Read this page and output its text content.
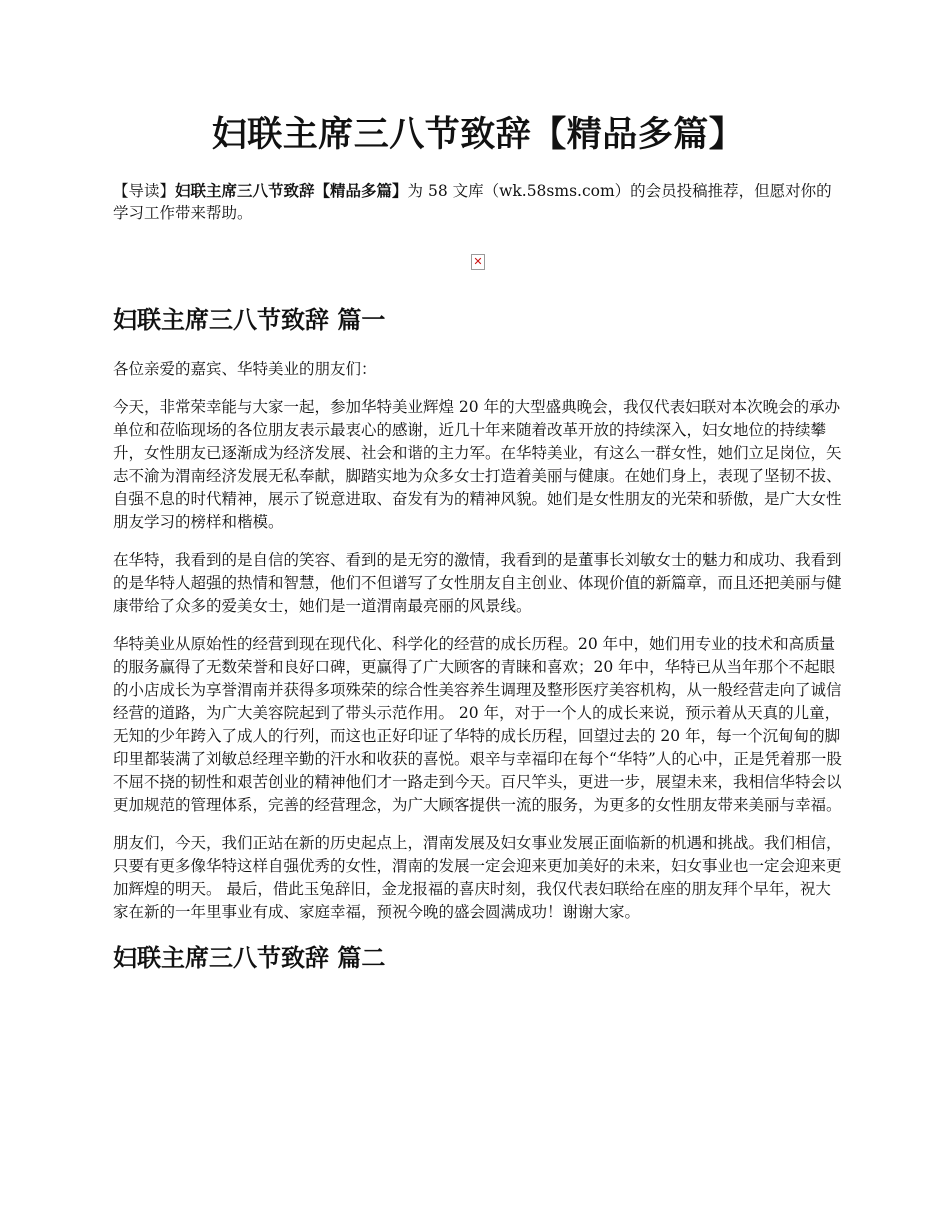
妇联主席三八节致辞【精品多篇】

【导读】妇联主席三八节致辞【精品多篇】为 58 文库（wk.58sms.com）的会员投稿推荐，但愿对你的学习工作带来帮助。

✕
妇联主席三八节致辞 篇一

各位亲爱的嘉宾、华特美业的朋友们：

今天，非常荣幸能与大家一起，参加华特美业辉煌 20 年的大型盛典晚会，我仅代表妇联对本次晚会的承办单位和莅临现场的各位朋友表示最衷心的感谢，近几十年来随着改革开放的持续深入，妇女地位的持续攀升，女性朋友已逐渐成为经济发展、社会和谐的主力军。在华特美业，有这么一群女性，她们立足岗位，矢志不渝为渭南经济发展无私奉献，脚踏实地为众多女士打造着美丽与健康。在她们身上，表现了坚韧不拔、自强不息的时代精神，展示了锐意进取、奋发有为的精神风貌。她们是女性朋友的光荣和骄傲，是广大女性朋友学习的榜样和楷模。

在华特，我看到的是自信的笑容、看到的是无穷的激情，我看到的是董事长刘敏女士的魅力和成功、我看到的是华特人超强的热情和智慧，他们不但谱写了女性朋友自主创业、体现价值的新篇章，而且还把美丽与健康带给了众多的爱美女士，她们是一道渭南最亮丽的风景线。

华特美业从原始性的经营到现在现代化、科学化的经营的成长历程。20 年中，她们用专业的技术和高质量的服务赢得了无数荣誉和良好口碑，更赢得了广大顾客的青睐和喜欢；20 年中，华特已从当年那个不起眼的小店成长为享誉渭南并获得多项殊荣的综合性美容养生调理及整形医疗美容机构，从一般经营走向了诚信经营的道路，为广大美容院起到了带头示范作用。 20 年，对于一个人的成长来说，预示着从天真的儿童，无知的少年跨入了成人的行列，而这也正好印证了华特的成长历程，回望过去的 20 年，每一个沉甸甸的脚印里都装满了刘敏总经理辛勤的汗水和收获的喜悦。艰辛与幸福印在每个“华特”人的心中，正是凭着那一股不屈不挠的韧性和艰苦创业的精神他们才一路走到今天。百尺竿头，更进一步，展望未来，我相信华特会以更加规范的管理体系，完善的经营理念，为广大顾客提供一流的服务，为更多的女性朋友带来美丽与幸福。

朋友们，今天，我们正站在新的历史起点上，渭南发展及妇女事业发展正面临新的机遇和挑战。我们相信，只要有更多像华特这样自强优秀的女性，渭南的发展一定会迎来更加美好的未来，妇女事业也一定会迎来更加辉煌的明天。 最后，借此玉兔辞旧，金龙报福的喜庆时刻，我仅代表妇联给在座的朋友拜个早年，祝大家在新的一年里事业有成、家庭幸福，预祝今晚的盛会圆满成功！谢谢大家。

妇联主席三八节致辞 篇二
